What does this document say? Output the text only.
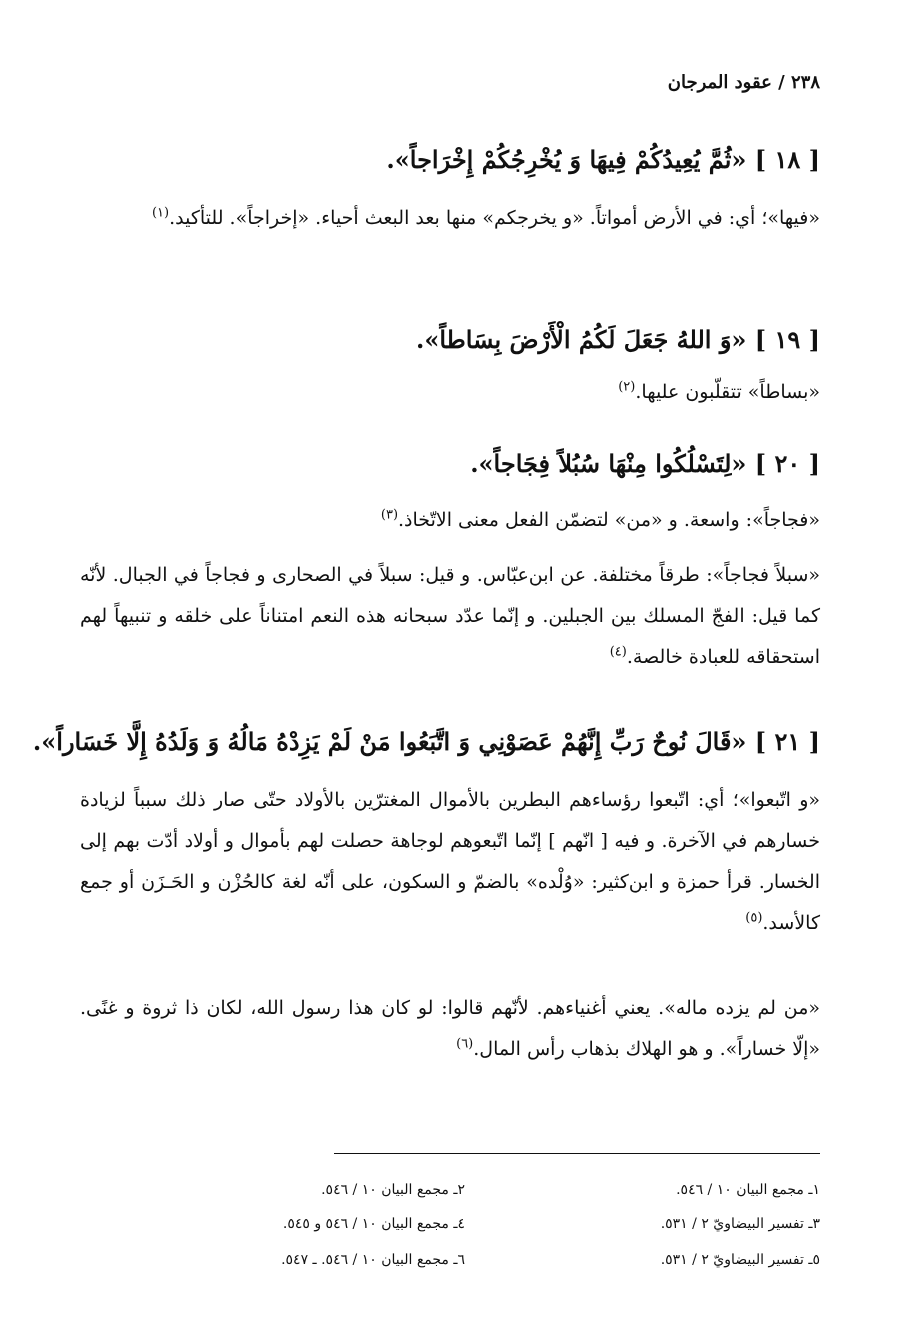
٢٣٨ / عقود المرجان
[ ١٨ ] «ثُمَّ يُعِيدُكُمْ فِيهَا وَ يُخْرِجُكُمْ إِخْرَاجاً».
«فيها»؛ أي: في الأرض أمواتاً. «و يخرجكم» منها بعد البعث أحياء. «إخراجاً». للتأكيد.$^{(١)}$
[ ١٩ ] «وَ اللهُ جَعَلَ لَكُمُ الْأَرْضَ بِسَاطاً».
«بساطاً» تتقلّبون عليها.$^{(٢)}$
[ ٢٠ ] «لِتَسْلُكُوا مِنْهَا سُبُلاً فِجَاجاً».
«فجاجاً»: واسعة. و «من» لتضمّن الفعل معنى الاتّخاذ.$^{(٣)}$
«سبلاً فجاجاً»: طرقاً مختلفة. عن ابن‌عبّاس. و قيل: سبلاً في الصحارى و فجاجاً في الجبال. لأنّه كما قيل: الفجّ المسلك بين الجبلين. و إنّما عدّد سبحانه هذه النعم امتناناً على خلقه و تنبيهاً لهم استحقاقه للعبادة خالصة.$^{(٤)}$
[ ٢١ ] «قَالَ نُوحٌ رَبِّ إِنَّهُمْ عَصَوْنِي وَ اتَّبَعُوا مَنْ لَمْ يَزِدْهُ مَالُهُ وَ وَلَدُهُ إِلَّا خَسَاراً».
«و اتّبعوا»؛ أي: اتّبعوا رؤساءهم البطرين بالأموال المغترّين بالأولاد حتّى صار ذلك سبباً لزيادة خسارهم في الآخرة. و فيه [ انّهم ] إنّما اتّبعوهم لوجاهة حصلت لهم بأموال و أولاد أدّت بهم إلى الخسار. قرأ حمزة و ابن‌كثير: «وُلْده» بالضمّ و السكون، على أنّه لغة كالحُزْن و الحَـزَن أو جمع كالأسد.$^{(٥)}$
«من لم يزده ماله». يعني أغنياءهم. لأنّهم قالوا: لو كان هذا رسول الله، لكان ذا ثروة و غنًى. «إلّا خساراً». و هو الهلاك بذهاب رأس المال.$^{(٦)}$
١ـ مجمع البيان ١٠ / ٥٤٦.
٢ـ مجمع البيان ١٠ / ٥٤٦.
٣ـ تفسير البيضاويّ ٢ / ٥٣١.
٤ـ مجمع البيان ١٠ / ٥٤٦ و ٥٤٥.
٥ـ تفسير البيضاويّ ٢ / ٥٣١.
٦ـ مجمع البيان ١٠ / ٥٤٦. ـ ٥٤٧.
